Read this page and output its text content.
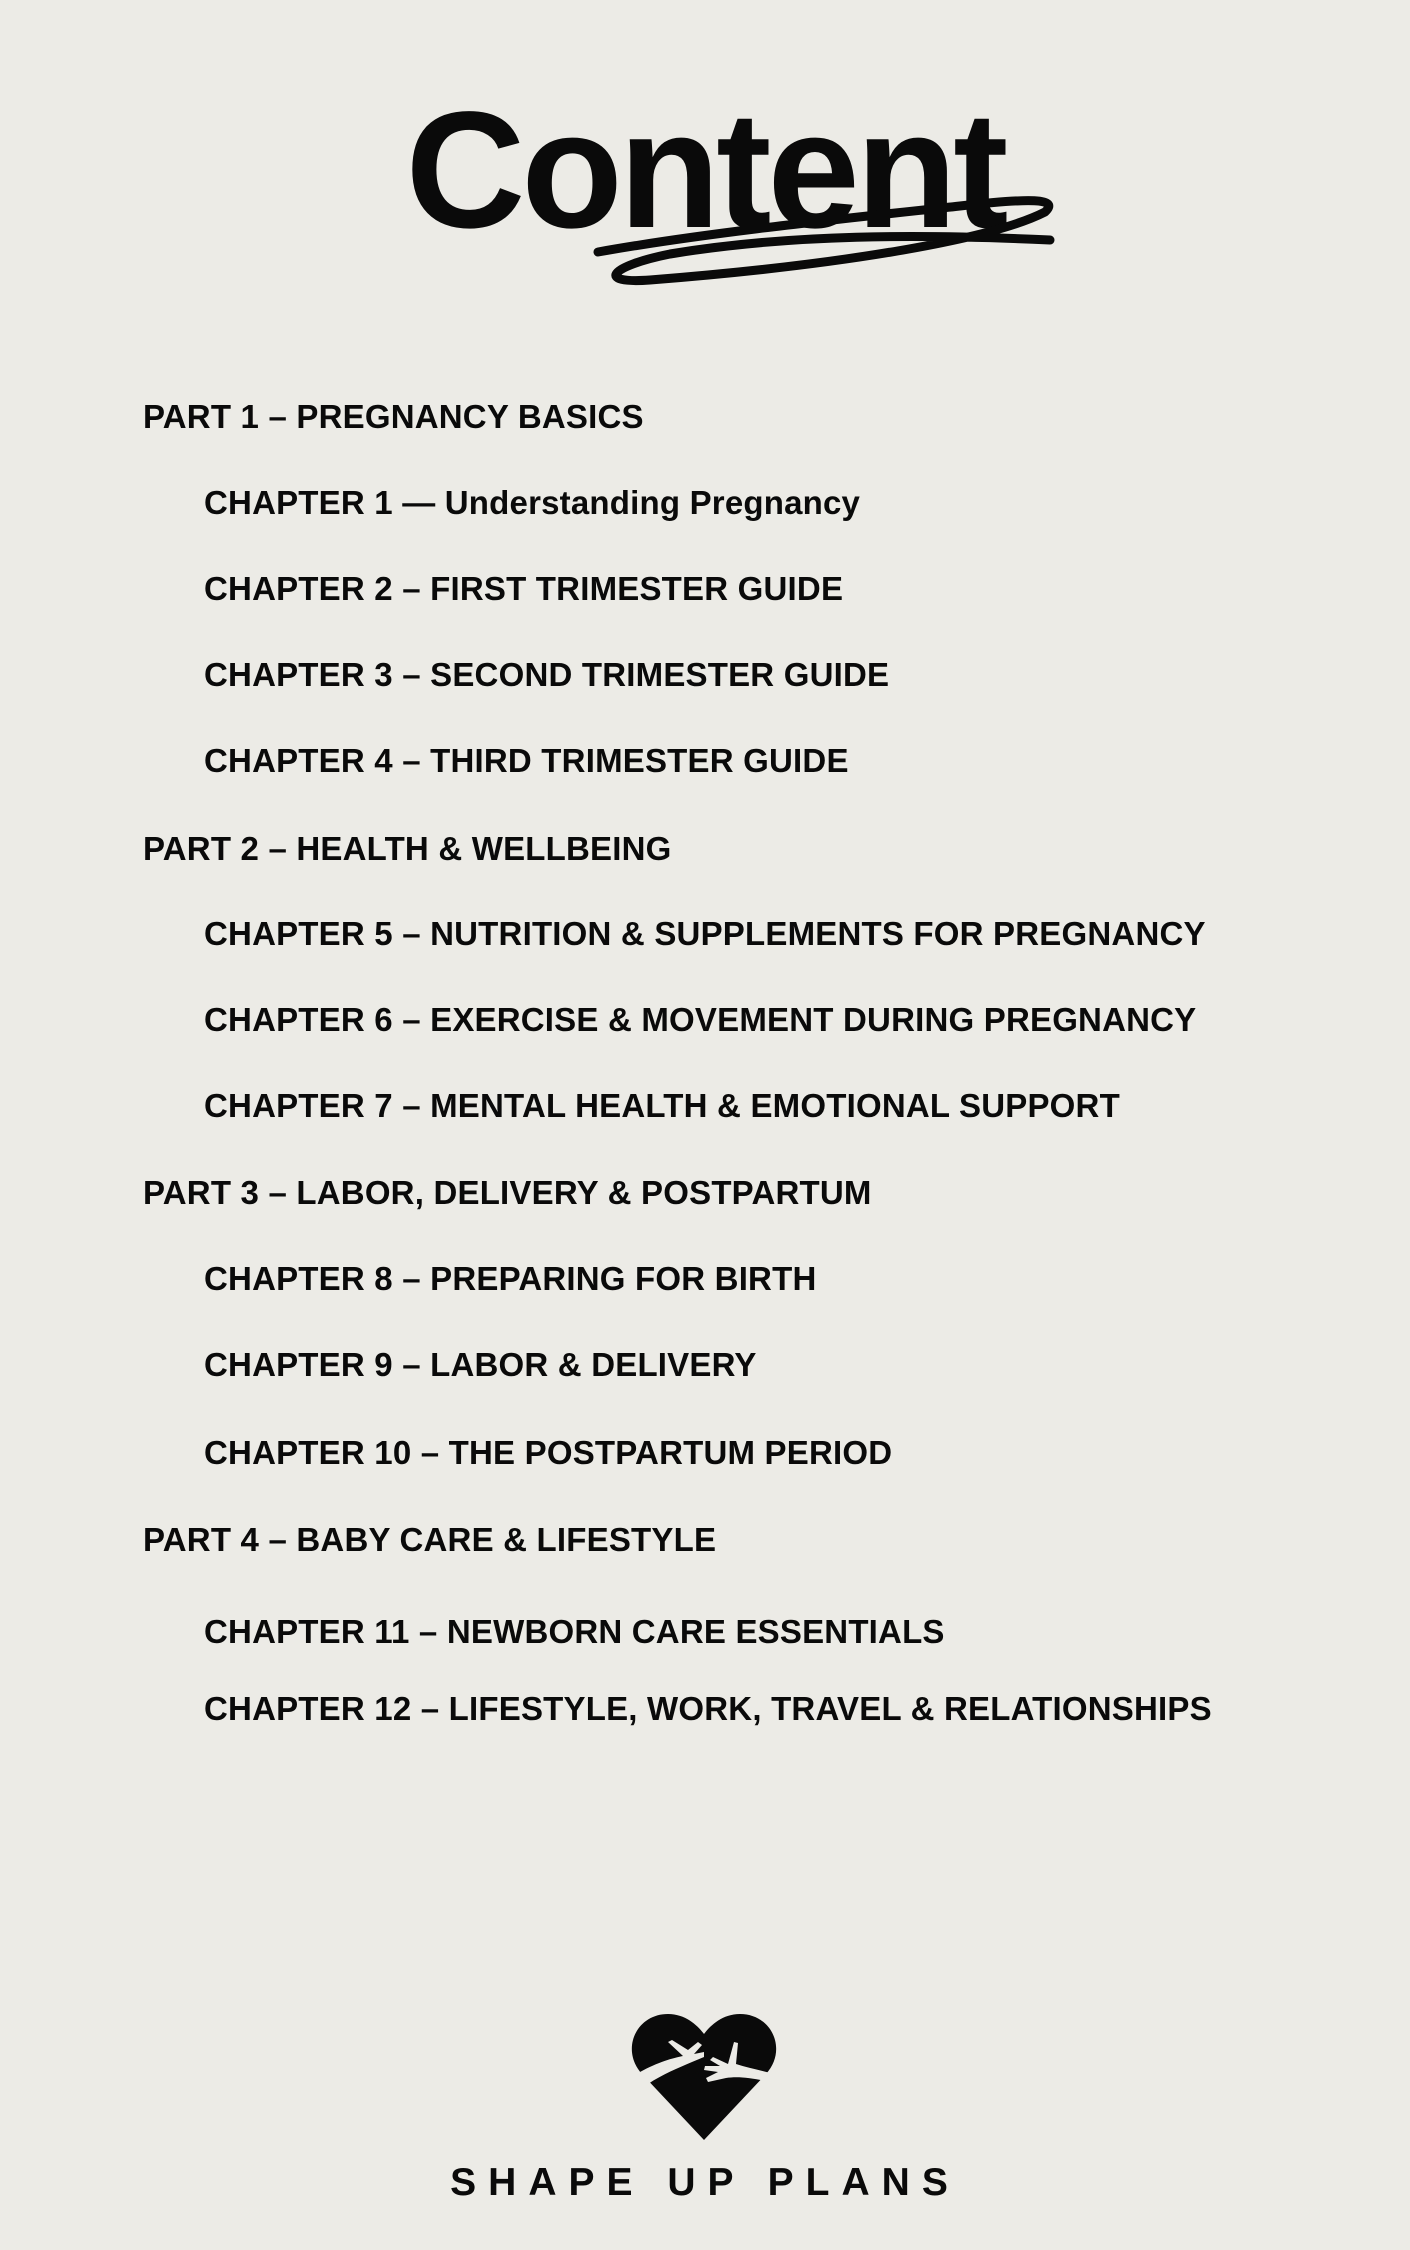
Content
PART 1 – PREGNANCY BASICS
CHAPTER 1 — Understanding Pregnancy
CHAPTER 2 – FIRST TRIMESTER GUIDE
CHAPTER 3 – SECOND TRIMESTER GUIDE
CHAPTER 4 – THIRD TRIMESTER GUIDE
PART 2 – HEALTH & WELLBEING
CHAPTER 5 – NUTRITION & SUPPLEMENTS FOR PREGNANCY
CHAPTER 6 – EXERCISE & MOVEMENT DURING PREGNANCY
CHAPTER 7 – MENTAL HEALTH & EMOTIONAL SUPPORT
PART 3 – LABOR, DELIVERY & POSTPARTUM
CHAPTER 8 – PREPARING FOR BIRTH
CHAPTER 9 – LABOR & DELIVERY
CHAPTER 10 – THE POSTPARTUM PERIOD
PART 4 – BABY CARE & LIFESTYLE
CHAPTER 11 – NEWBORN CARE ESSENTIALS
CHAPTER 12 – LIFESTYLE, WORK, TRAVEL & RELATIONSHIPS
SHAPE UP PLANS
